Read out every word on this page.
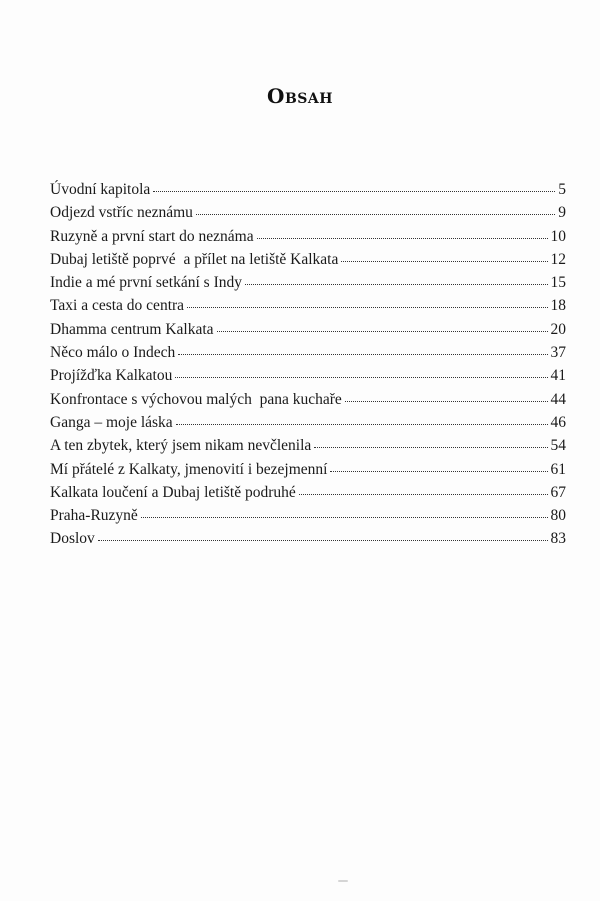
Obsah
Úvodní kapitola	5
Odjezd vstříc neznámu	9
Ruzyně a první start do neznáma	10
Dubaj letiště poprvé  a přílet na letiště Kalkata	12
Indie a mé první setkání s Indy	15
Taxi a cesta do centra	18
Dhamma centrum Kalkata	20
Něco málo o Indech	37
Projížďka Kalkatou	41
Konfrontace s výchovou malých  pana kuchaře	44
Ganga – moje láska	46
A ten zbytek, který jsem nikam nevčlenila	54
Mí přátelé z Kalkaty, jmenovití i bezejmenní	61
Kalkata loučení a Dubaj letiště podruhé	67
Praha-Ruzyně	80
Doslov	83
